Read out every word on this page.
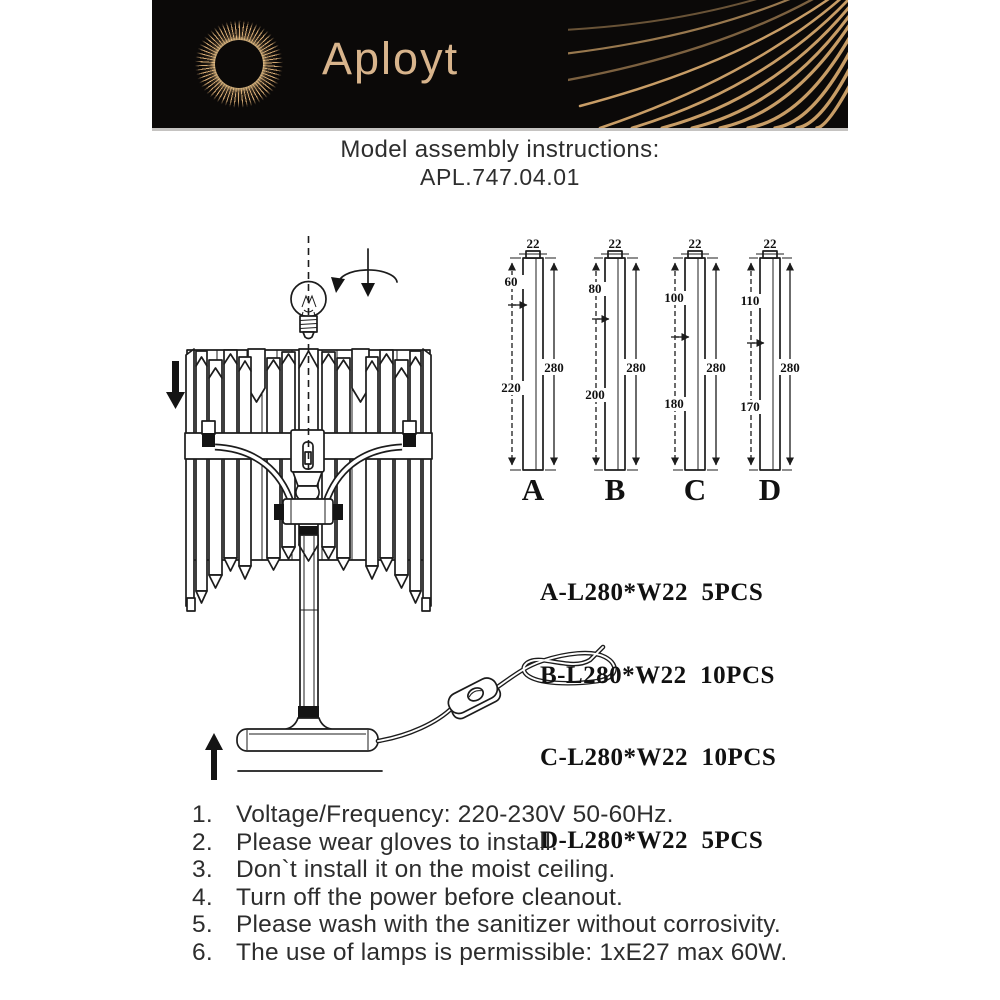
Aployt
Model assembly instructions:
APL.747.04.01
60
220
280
22
A
80
200
280
22
B
100
180
280
22
C
110
170
280
22
D

A-L280*W22  5PCS

B-L280*W22  10PCS

C-L280*W22  10PCS

D-L280*W22  5PCS

1. Voltage/Frequency: 220-230V 50-60Hz.
2. Please wear gloves to install.
3. Don`t install it on the moist ceiling.
4. Turn off the power before cleanout.
5. Please wash with the sanitizer without corrosivity.
6. The use of lamps is permissible: 1xE27 max 60W.
